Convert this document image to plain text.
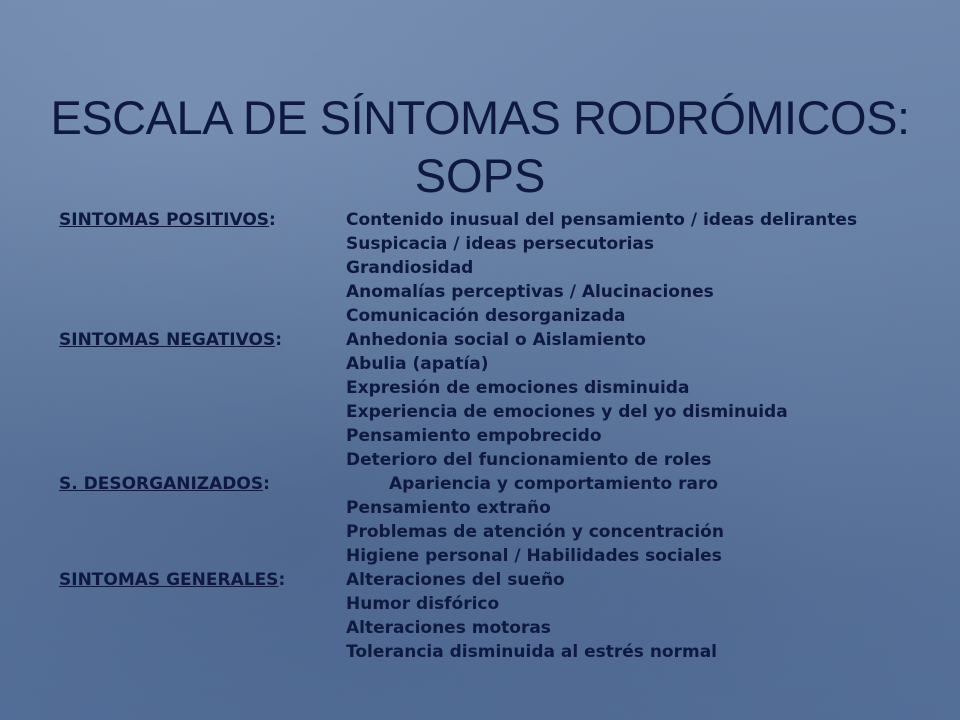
ESCALA DE SÍNTOMAS RODRÓMICOS:
SOPS
SINTOMAS POSITIVOS:	Contenido inusual del pensamiento / ideas delirantes
Suspicacia / ideas persecutorias
Grandiosidad
Anomalías perceptivas / Alucinaciones
Comunicación desorganizada
SINTOMAS NEGATIVOS:	Anhedonia social o Aislamiento
Abulia (apatía)
Expresión de emociones disminuida
Experiencia de emociones y del yo disminuida
Pensamiento empobrecido
Deterioro del funcionamiento de roles
S. DESORGANIZADOS:	Apariencia y comportamiento raro
Pensamiento extraño
Problemas de atención y concentración
Higiene personal / Habilidades sociales
SINTOMAS GENERALES:	Alteraciones del sueño
Humor disfórico
Alteraciones motoras
Tolerancia disminuida al estrés normal
